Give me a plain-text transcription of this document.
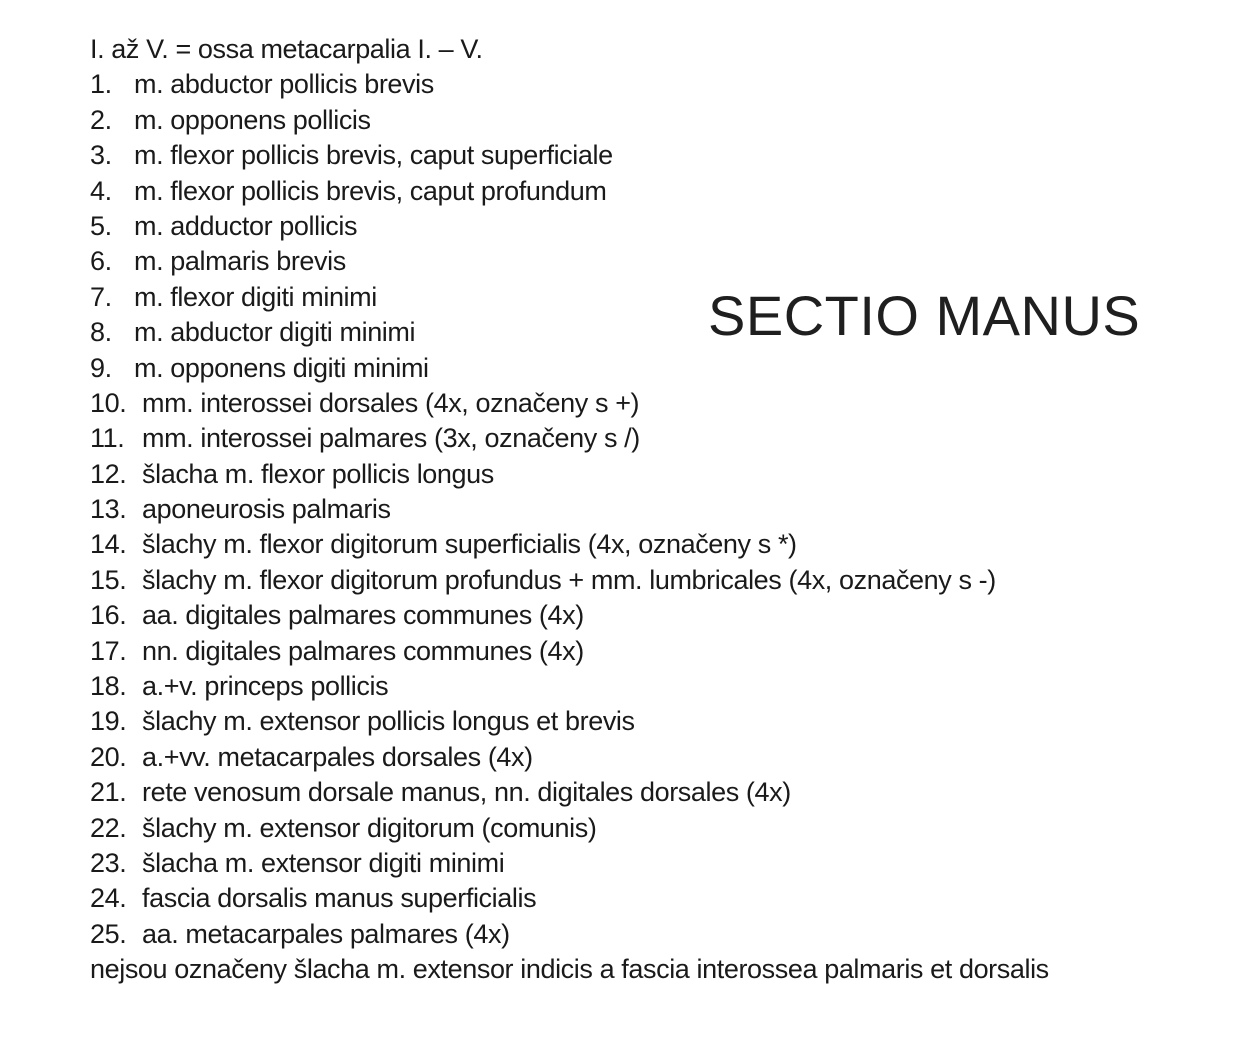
I. až V. = ossa metacarpalia I. – V.
1. m. abductor pollicis brevis
2. m. opponens pollicis
3. m. flexor pollicis brevis, caput superficiale
4. m. flexor pollicis brevis, caput profundum
5. m. adductor pollicis
6. m. palmaris brevis
7. m. flexor digiti minimi
8. m. abductor digiti minimi
9. m. opponens digiti minimi
10. mm. interossei dorsales (4x, označeny s +)
11. mm. interossei palmares (3x, označeny s /)
12. šlacha m. flexor pollicis longus
13. aponeurosis palmaris
14. šlachy m. flexor digitorum superficialis (4x, označeny s *)
15. šlachy m. flexor digitorum profundus + mm. lumbricales (4x, označeny s -)
16. aa. digitales palmares communes (4x)
17. nn. digitales palmares communes (4x)
18. a.+v. princeps pollicis
19. šlachy m. extensor pollicis longus et brevis
20. a.+vv. metacarpales dorsales (4x)
21. rete venosum dorsale manus, nn. digitales dorsales (4x)
22. šlachy m. extensor digitorum (comunis)
23. šlacha m. extensor digiti minimi
24. fascia dorsalis manus superficialis
25. aa. metacarpales palmares (4x)
nejsou označeny šlacha m. extensor indicis a fascia interossea palmaris et dorsalis
SECTIO MANUS
